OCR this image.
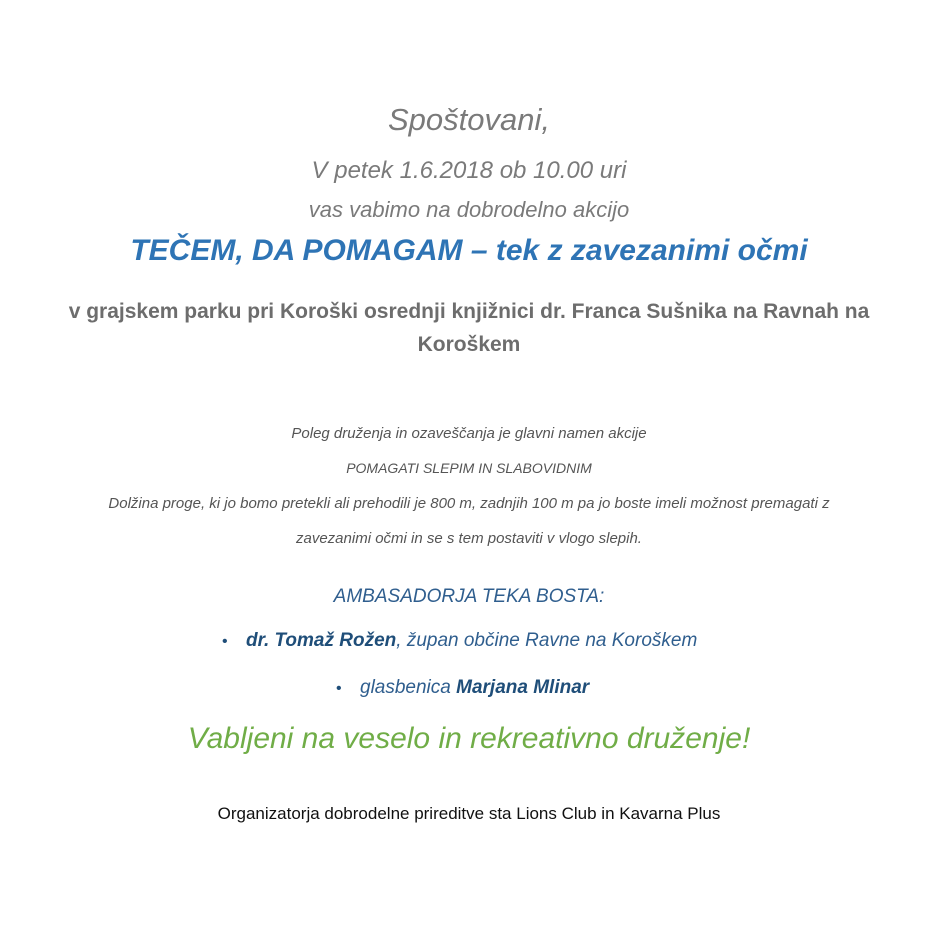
Spoštovani,
V petek 1.6.2018 ob 10.00 uri
vas vabimo na dobrodelno akcijo
TEČEM, DA POMAGAM – tek z zavezanimi očmi
v grajskem parku pri Koroški osrednji knjižnici dr. Franca Sušnika na Ravnah na Koroškem
Poleg druženja in ozaveščanja je glavni namen akcije
POMAGATI SLEPIM IN SLABOVIDNIM
Dolžina proge, ki jo bomo pretekli ali prehodili je 800 m, zadnjih 100 m pa jo boste imeli možnost premagati z
zavezanimi očmi in se s tem postaviti v vlogo slepih.
AMBASADORJA TEKA BOSTA:
• dr. Tomaž Rožen, župan občine Ravne na Koroškem
• glasbenica Marjana Mlinar
Vabljeni na veselo in rekreativno druženje!
Organizatorja dobrodelne prireditve sta Lions Club in Kavarna Plus
